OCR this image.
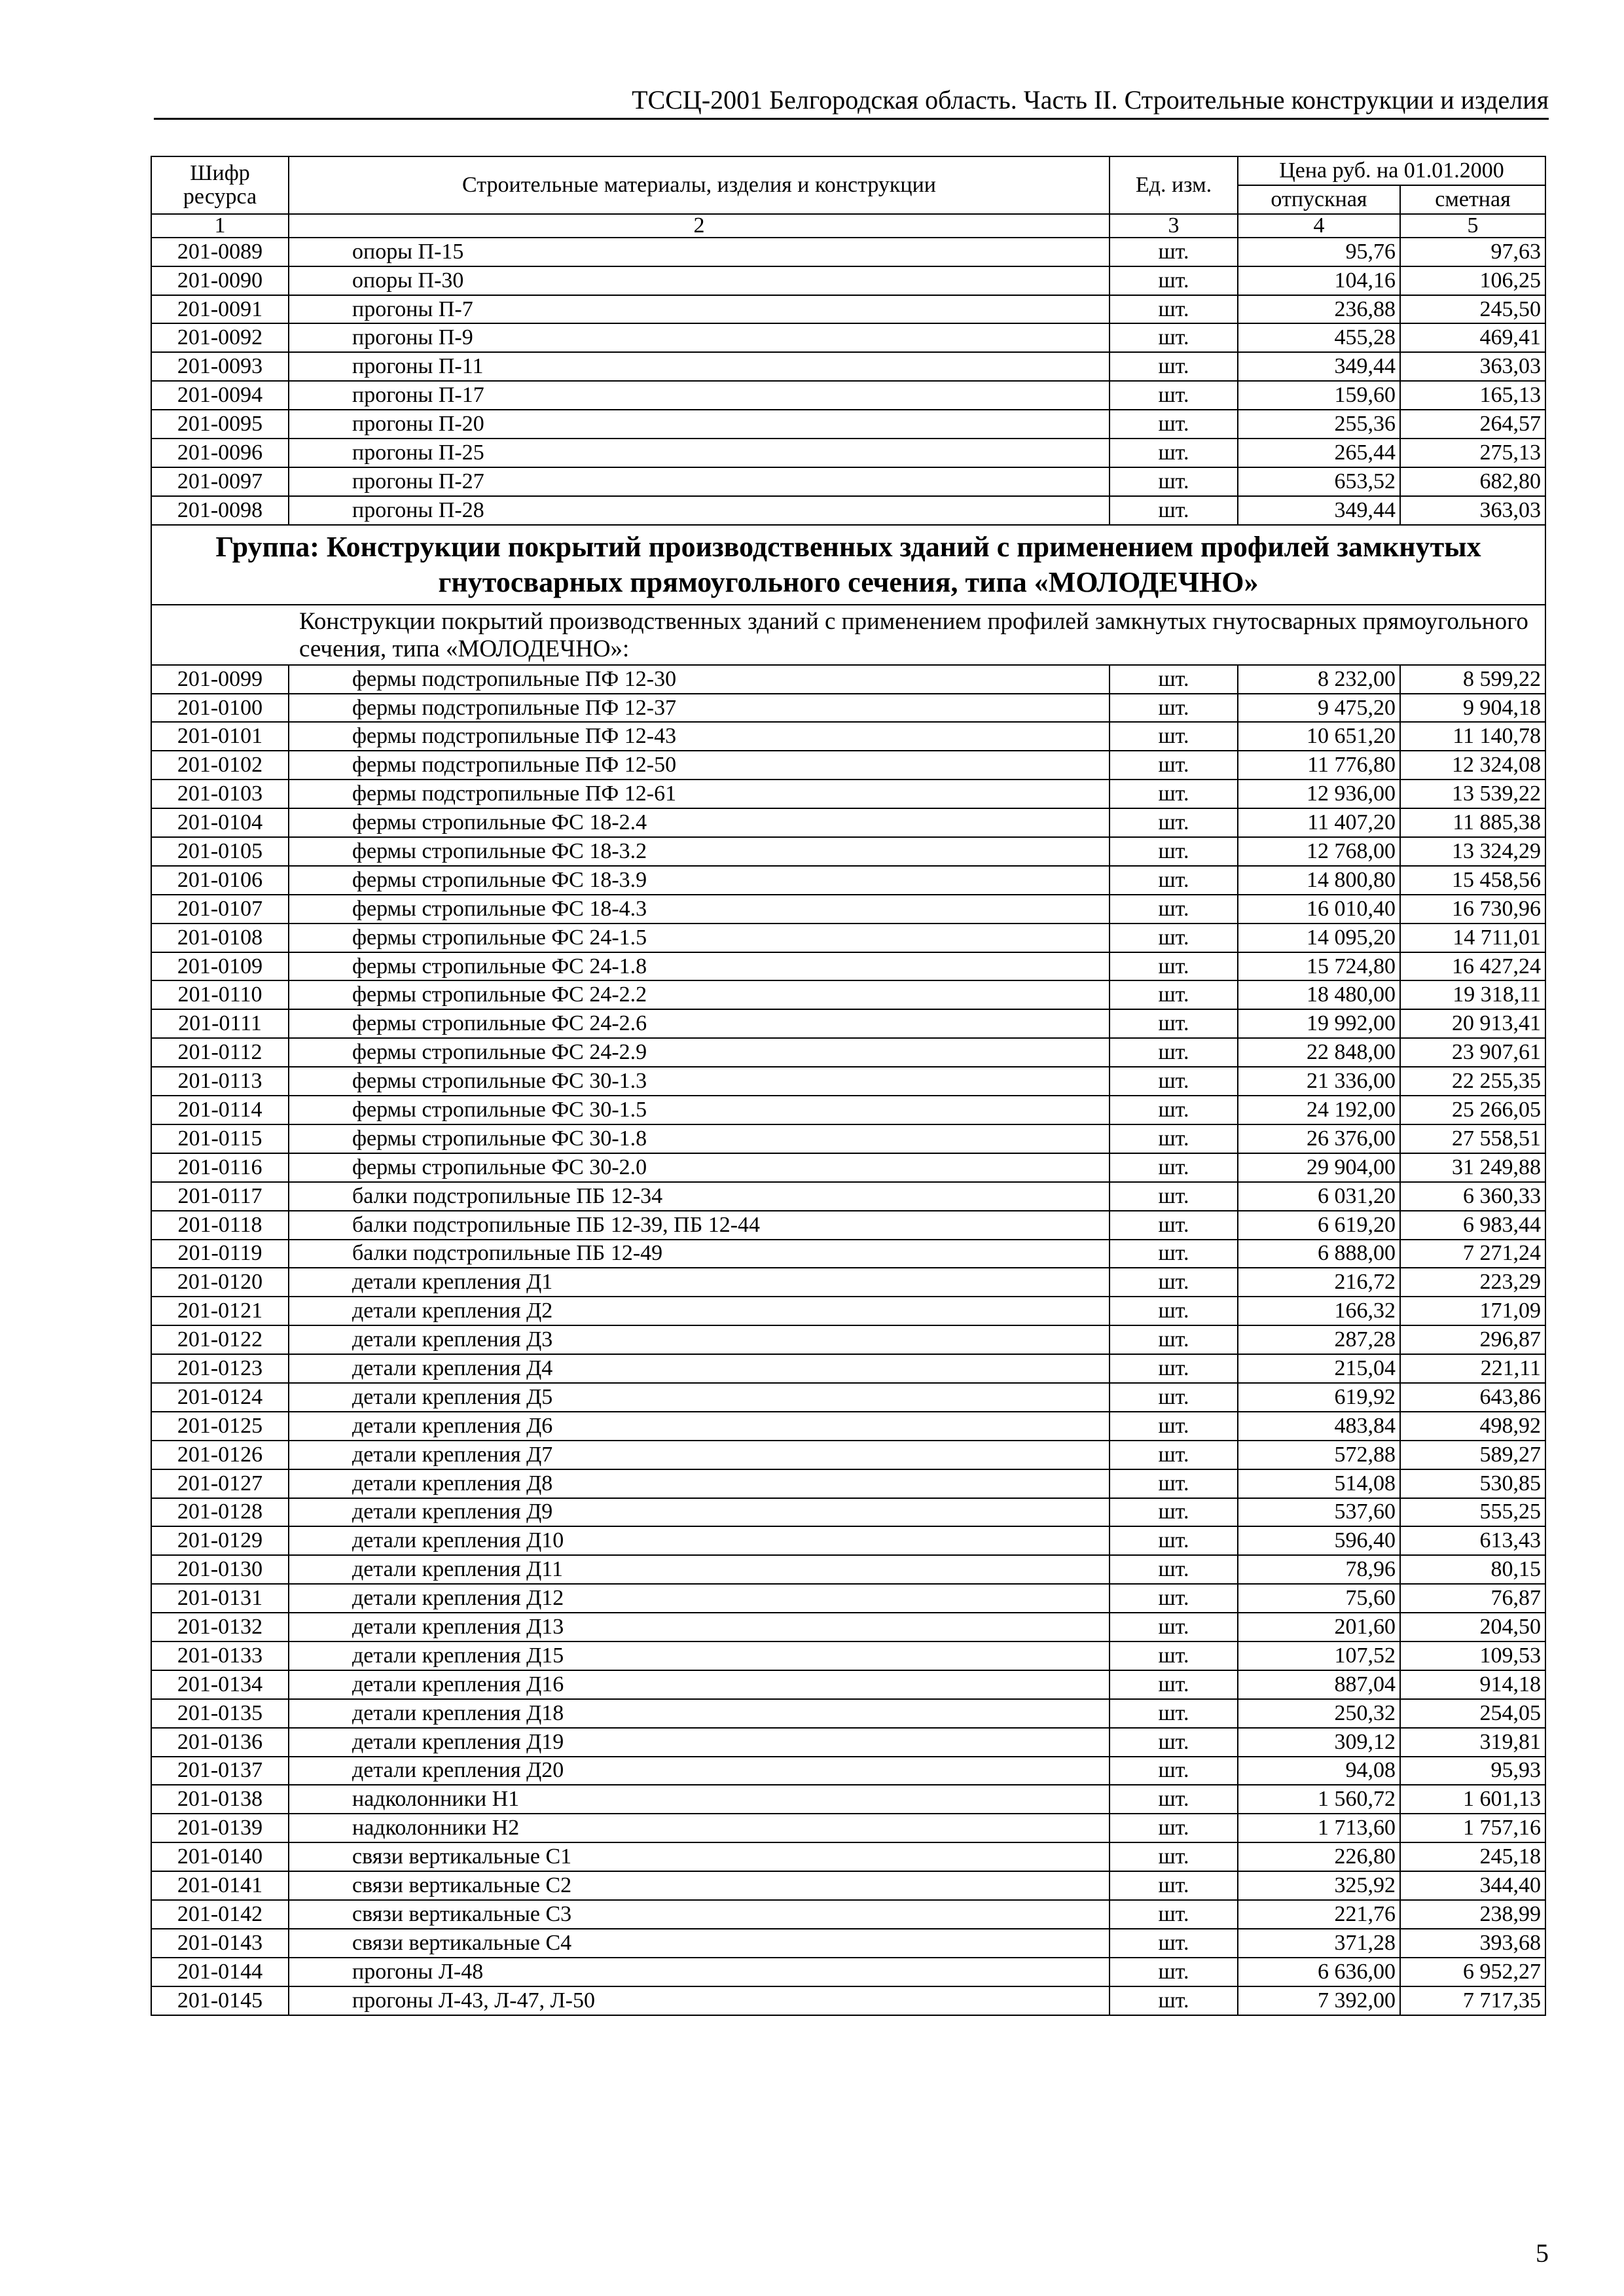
ТССЦ-2001 Белгородская область. Часть II. Строительные конструкции и изделия
Шифр ресурса	Строительные материалы, изделия и конструкции	Ед. изм.	Цена руб. на 01.01.2000	
			отпускная	сметная
1	2	3	4	5
201-0089	опоры П-15	шт.	95,76	97,63
201-0090	опоры П-30	шт.	104,16	106,25
201-0091	прогоны П-7	шт.	236,88	245,50
201-0092	прогоны П-9	шт.	455,28	469,41
201-0093	прогоны П-11	шт.	349,44	363,03
201-0094	прогоны П-17	шт.	159,60	165,13
201-0095	прогоны П-20	шт.	255,36	264,57
201-0096	прогоны П-25	шт.	265,44	275,13
201-0097	прогоны П-27	шт.	653,52	682,80
201-0098	прогоны П-28	шт.	349,44	363,03
Группа: Конструкции покрытий производственных зданий с применением профилей замкнутых гнутосварных прямоугольного сечения, типа «МОЛОДЕЧНО»				
	Конструкции покрытий производственных зданий с применением профилей замкнутых гнутосварных прямоугольного сечения, типа «МОЛОДЕЧНО»:			
201-0099	фермы подстропильные ПФ 12-30	шт.	8 232,00	8 599,22
201-0100	фермы подстропильные ПФ 12-37	шт.	9 475,20	9 904,18
201-0101	фермы подстропильные ПФ 12-43	шт.	10 651,20	11 140,78
201-0102	фермы подстропильные ПФ 12-50	шт.	11 776,80	12 324,08
201-0103	фермы подстропильные ПФ 12-61	шт.	12 936,00	13 539,22
201-0104	фермы стропильные ФС 18-2.4	шт.	11 407,20	11 885,38
201-0105	фермы стропильные ФС 18-3.2	шт.	12 768,00	13 324,29
201-0106	фермы стропильные ФС 18-3.9	шт.	14 800,80	15 458,56
201-0107	фермы стропильные ФС 18-4.3	шт.	16 010,40	16 730,96
201-0108	фермы стропильные ФС 24-1.5	шт.	14 095,20	14 711,01
201-0109	фермы стропильные ФС 24-1.8	шт.	15 724,80	16 427,24
201-0110	фермы стропильные ФС 24-2.2	шт.	18 480,00	19 318,11
201-0111	фермы стропильные ФС 24-2.6	шт.	19 992,00	20 913,41
201-0112	фермы стропильные ФС 24-2.9	шт.	22 848,00	23 907,61
201-0113	фермы стропильные ФС 30-1.3	шт.	21 336,00	22 255,35
201-0114	фермы стропильные ФС 30-1.5	шт.	24 192,00	25 266,05
201-0115	фермы стропильные ФС 30-1.8	шт.	26 376,00	27 558,51
201-0116	фермы стропильные ФС 30-2.0	шт.	29 904,00	31 249,88
201-0117	балки подстропильные ПБ 12-34	шт.	6 031,20	6 360,33
201-0118	балки подстропильные ПБ 12-39, ПБ 12-44	шт.	6 619,20	6 983,44
201-0119	балки подстропильные ПБ 12-49	шт.	6 888,00	7 271,24
201-0120	детали крепления Д1	шт.	216,72	223,29
201-0121	детали крепления Д2	шт.	166,32	171,09
201-0122	детали крепления Д3	шт.	287,28	296,87
201-0123	детали крепления Д4	шт.	215,04	221,11
201-0124	детали крепления Д5	шт.	619,92	643,86
201-0125	детали крепления Д6	шт.	483,84	498,92
201-0126	детали крепления Д7	шт.	572,88	589,27
201-0127	детали крепления Д8	шт.	514,08	530,85
201-0128	детали крепления Д9	шт.	537,60	555,25
201-0129	детали крепления Д10	шт.	596,40	613,43
201-0130	детали крепления Д11	шт.	78,96	80,15
201-0131	детали крепления Д12	шт.	75,60	76,87
201-0132	детали крепления Д13	шт.	201,60	204,50
201-0133	детали крепления Д15	шт.	107,52	109,53
201-0134	детали крепления Д16	шт.	887,04	914,18
201-0135	детали крепления Д18	шт.	250,32	254,05
201-0136	детали крепления Д19	шт.	309,12	319,81
201-0137	детали крепления Д20	шт.	94,08	95,93
201-0138	надколонники Н1	шт.	1 560,72	1 601,13
201-0139	надколонники Н2	шт.	1 713,60	1 757,16
201-0140	связи вертикальные С1	шт.	226,80	245,18
201-0141	связи вертикальные С2	шт.	325,92	344,40
201-0142	связи вертикальные С3	шт.	221,76	238,99
201-0143	связи вертикальные С4	шт.	371,28	393,68
201-0144	прогоны Л-48	шт.	6 636,00	6 952,27
201-0145	прогоны Л-43, Л-47, Л-50	шт.	7 392,00	7 717,35
5
